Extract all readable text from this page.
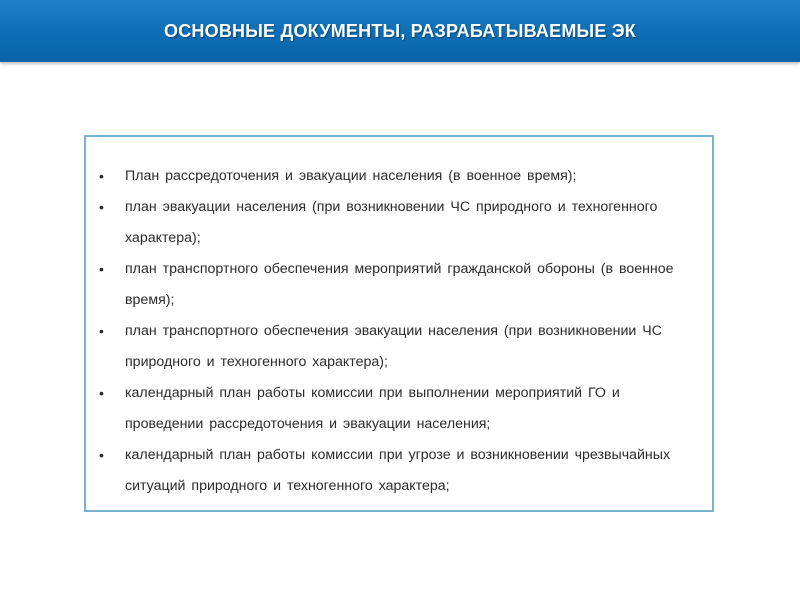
ОСНОВНЫЕ ДОКУМЕНТЫ, РАЗРАБАТЫВАЕМЫЕ ЭК
•	План рассредоточения и эвакуации населения (в военное время);
•	план эвакуации населения (при возникновении ЧС природного и техногенного характера);
•	план транспортного обеспечения мероприятий гражданской обороны (в военное время);
•	план транспортного обеспечения эвакуации населения (при возникновении ЧС природного и техногенного характера);
•	календарный план работы комиссии при выполнении мероприятий ГО и проведении рассредоточения и эвакуации населения;
•	календарный план работы комиссии при угрозе и возникновении чрезвычайных ситуаций природного и техногенного характера;
